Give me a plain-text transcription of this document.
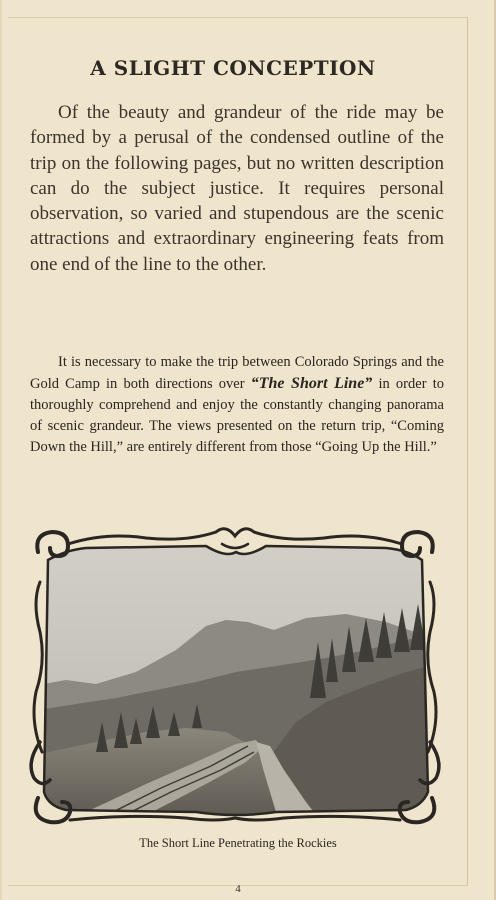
A SLIGHT CONCEPTION

Of the beauty and grandeur of the ride may be formed by a perusal of the condensed outline of the trip on the following pages, but no written description can do the subject justice. It requires personal observation, so varied and stupendous are the scenic attractions and extraordinary engineering feats from one end of the line to the other.

It is necessary to make the trip between Colorado Springs and the Gold Camp in both directions over “The Short Line” in order to thoroughly comprehend and enjoy the constantly changing panorama of scenic grandeur. The views presented on the return trip, “Coming Down the Hill,” are entirely different from those “Going Up the Hill.”

The Short Line Penetrating the Rockies
4
